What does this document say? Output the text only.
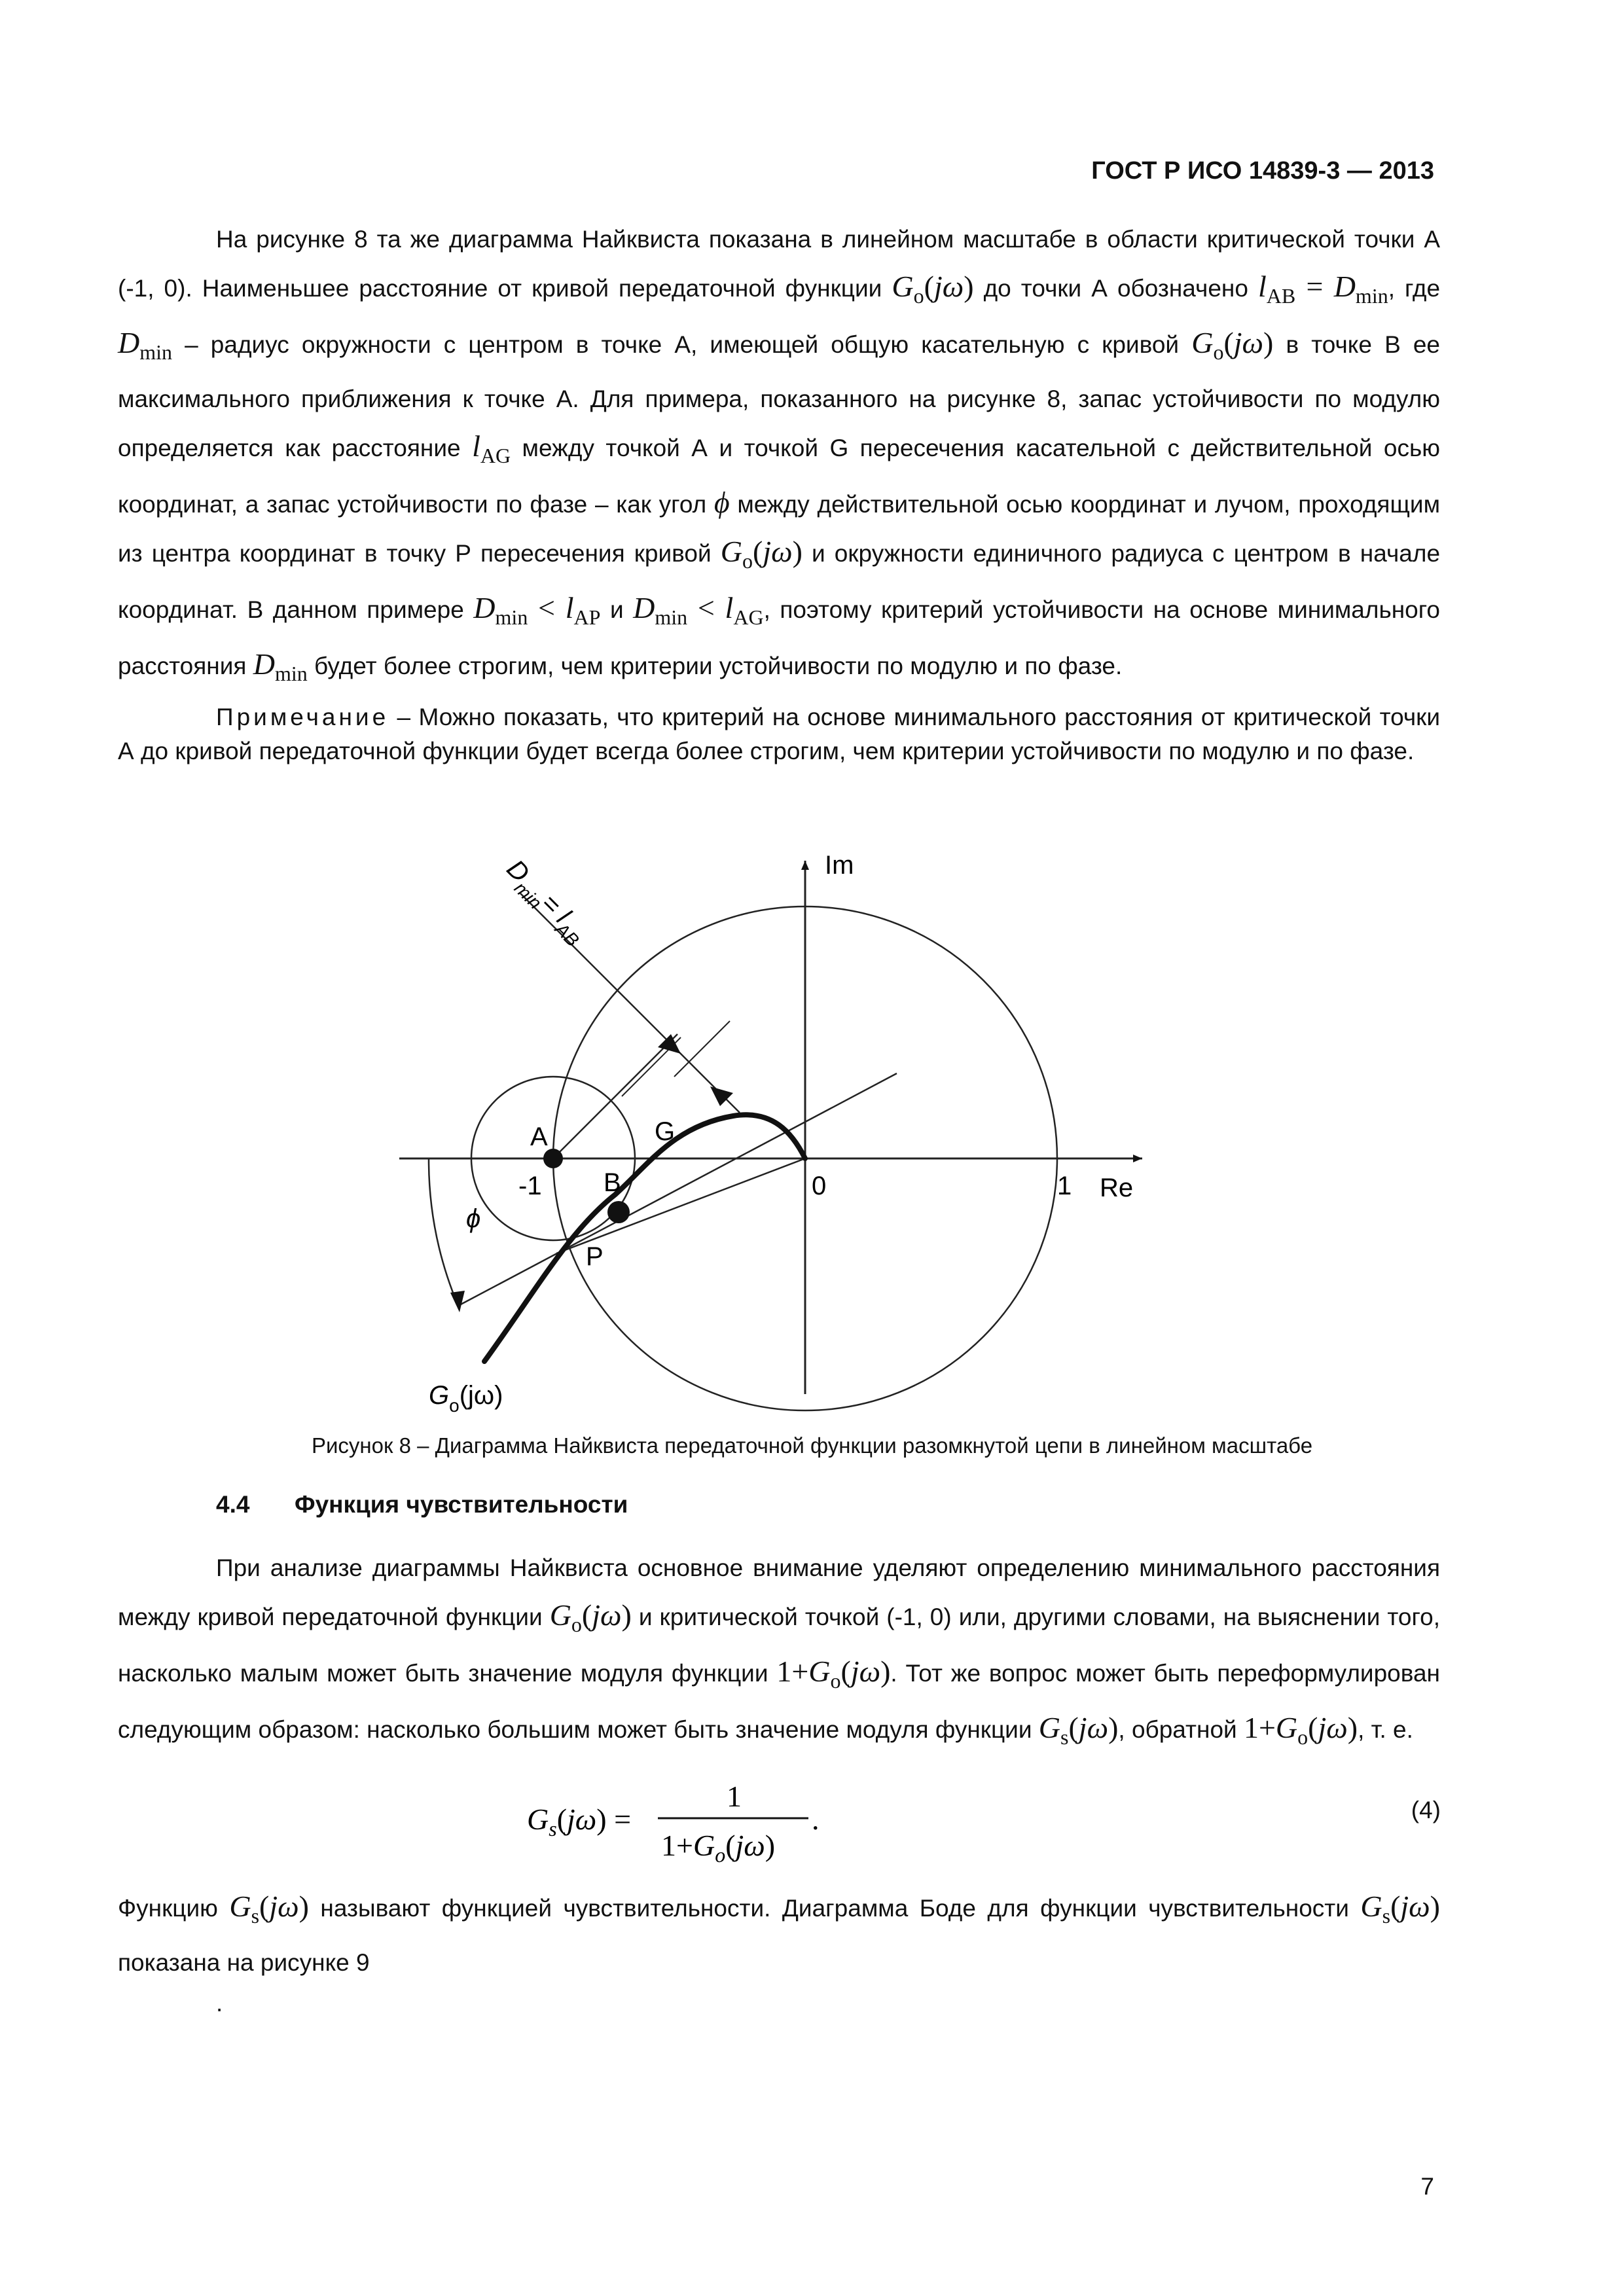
ГОСТ Р ИСО 14839-3 — 2013

На рисунке 8 та же диаграмма Найквиста показана в линейном масштабе в области критической точки А (-1, 0). Наименьшее расстояние от кривой передаточной функции $G_o(j\omega)$ до точки А обозначено $l_{AB} = D_{min}$, где $D_{min}$ – радиус окружности с центром в точке А, имеющей общую касательную с кривой $G_o(j\omega)$ в точке В ее максимального приближения к точке А. Для примера, показанного на рисунке 8, запас устойчивости по модулю определяется как расстояние $l_{AG}$ между точкой А и точкой G пересечения касательной с действительной осью координат, а запас устойчивости по фазе – как угол ϕ между действительной осью координат и лучом, проходящим из центра координат в точку Р пересечения кривой $G_o(j\omega)$ и окружности единичного радиуса с центром в начале координат. В данном примере $D_{min} < l_{AP}$ и $D_{min} < l_{AG}$, поэтому критерий устойчивости на основе минимального расстояния $D_{min}$ будет более строгим, чем критерии устойчивости по модулю и по фазе.

Примечание – Можно показать, что критерий на основе минимального расстояния от критической точки А до кривой передаточной функции будет всегда более строгим, чем критерии устойчивости по модулю и по фазе.
Im
Re
A
B
G
P
-1	0	1
ϕ
$D_{min}= l_{AB}$
$G_o(j\omega)$
Рисунок 8 – Диаграмма Найквиста передаточной функции разомкнутой цепи в линейном масштабе
4.4 Функция чувствительности

При анализе диаграммы Найквиста основное внимание уделяют определению минимального расстояния между кривой передаточной функции $G_o(j\omega)$ и критической точкой (-1, 0) или, другими словами, на выяснении того, насколько малым может быть значение модуля функции $1+G_o(j\omega)$. Тот же вопрос может быть переформулирован следующим образом: насколько большим может быть значение модуля функции $G_s(j\omega)$, обратной $1+G_o(j\omega)$, т. е.

$G_s(j\omega)$ =
1
$1+G_o(j\omega)$
.	(4)

Функцию $G_s(j\omega)$ называют функцией чувствительности. Диаграмма Боде для функции чувствительности $G_s(j\omega)$ показана на рисунке 9

.
7
